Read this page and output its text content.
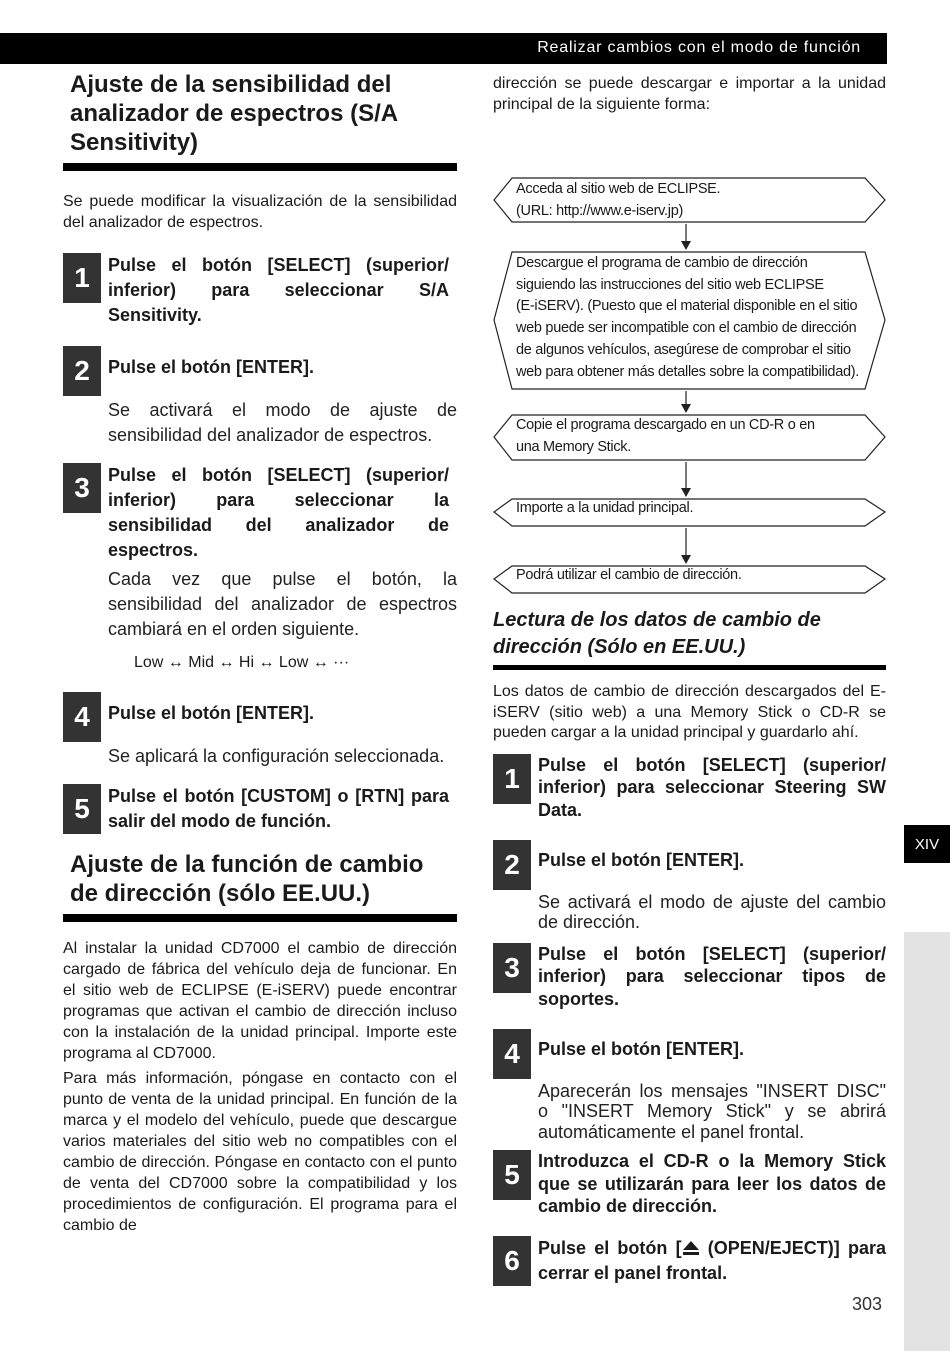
Realizar cambios con el modo de función
Ajuste de la sensibilidad del analizador de espectros (S/A Sensitivity)

Se puede modificar la visualización de la sensibilidad del analizador de espectros.

1	Pulse el botón [SELECT] (superior/ inferior) para seleccionar S/A Sensitivity.

2	Pulse el botón [ENTER].

Se activará el modo de ajuste de sensibilidad del analizador de espectros.

3	Pulse el botón [SELECT] (superior/ inferior) para seleccionar la sensibilidad del analizador de espectros.

Cada vez que pulse el botón, la sensibilidad del analizador de espectros cambiará en el orden siguiente.

Low ↔ Mid ↔ Hi ↔ Low ↔ ···
4	Pulse el botón [ENTER].

Se aplicará la configuración seleccionada.

5	Pulse el botón [CUSTOM] o [RTN] para salir del modo de función.

Ajuste de la función de cambio de dirección (sólo EE.UU.)

Al instalar la unidad CD7000 el cambio de dirección cargado de fábrica del vehículo deja de funcionar. En el sitio web de ECLIPSE (E-iSERV) puede encontrar programas que activan el cambio de dirección incluso con la instalación de la unidad principal. Importe este programa al CD7000.

Para más información, póngase en contacto con el punto de venta de la unidad principal. En función de la marca y el modelo del vehículo, puede que descargue varios materiales del sitio web no compatibles con el cambio de dirección. Póngase en contacto con el punto de venta del CD7000 sobre la compatibilidad y los procedimientos de configuración. El programa para el cambio de

dirección se puede descargar e importar a la unidad principal de la siguiente forma:

Acceda al sitio web de ECLIPSE.
(URL: http://www.e-iserv.jp)
Descargue el programa de cambio de dirección
siguiendo las instrucciones del sitio web ECLIPSE
(E-iSERV). (Puesto que el material disponible en el sitio
web puede ser incompatible con el cambio de dirección
de algunos vehículos, asegúrese de comprobar el sitio
web para obtener más detalles sobre la compatibilidad).
Copie el programa descargado en un CD-R o en
una Memory Stick.
Importe a la unidad principal.
Podrá utilizar el cambio de dirección.
Lectura de los datos de cambio de dirección (Sólo en EE.UU.)

Los datos de cambio de dirección descargados del E-iSERV (sitio web) a una Memory Stick o CD-R se pueden cargar a la unidad principal y guardarlo ahí.

1	Pulse el botón [SELECT] (superior/ inferior) para seleccionar Steering SW Data.

2	Pulse el botón [ENTER].

Se activará el modo de ajuste del cambio de dirección.

3	Pulse el botón [SELECT] (superior/ inferior) para seleccionar tipos de soportes.

4	Pulse el botón [ENTER].

Aparecerán los mensajes "INSERT DISC" o "INSERT Memory Stick" y se abrirá automáticamente el panel frontal.

5	Introduzca el CD-R o la Memory Stick que se utilizarán para leer los datos de cambio de dirección.

6	Pulse el botón [ (OPEN/EJECT)] para cerrar el panel frontal.

XIV
303
